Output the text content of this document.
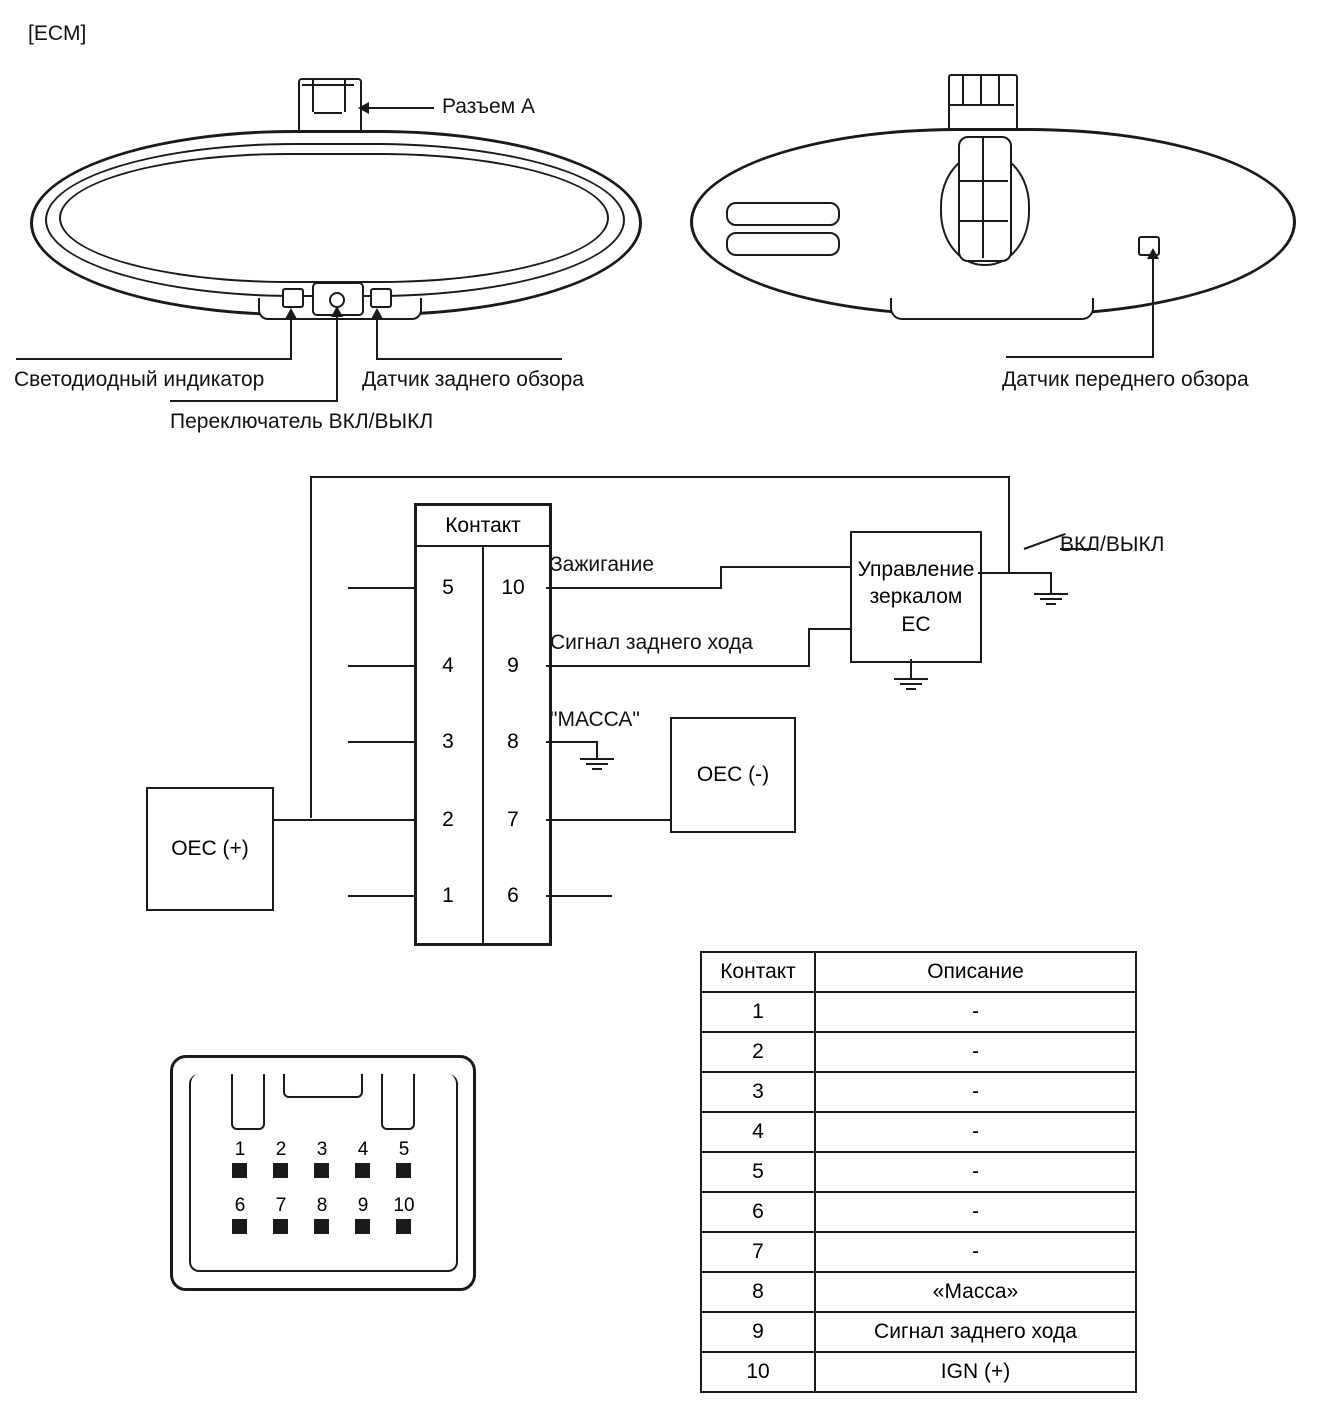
[ECM]
Разъем A
Светодиодный индикатор
Переключатель ВКЛ/ВЫКЛ
Датчик заднего обзора	Датчик переднего обзора
Контакт
5
4
3
2
1
10
9
8
7
6
"МАССА"
Сигнал заднего хода
Зажигание	Управление
зеркалом
EC
ВКЛ/ВЫКЛ
OEC (+)
OEC (-)
1	2	3	4	5
6	7	8	9	10
Контакт	Описание
1	-
2	-
3	-
4	-
5	-
6	-
7	-
8	«Масса»
9	Сигнал заднего хода
10	IGN (+)
